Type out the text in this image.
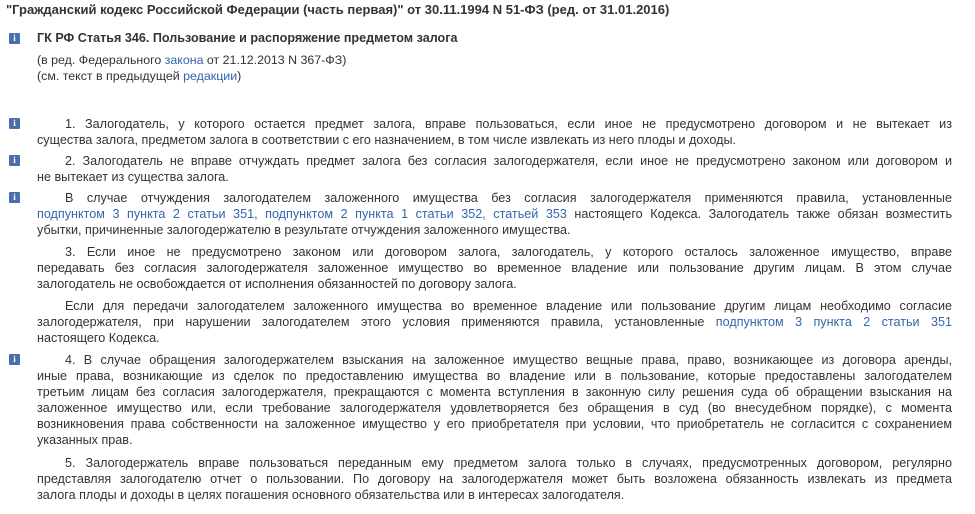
"Гражданский кодекс Российской Федерации (часть первая)" от 30.11.1994 N 51-ФЗ (ред. от 31.01.2016)
i	ГК РФ Статья 346. Пользование и распоряжение предметом залога
(в ред. Федерального закона от 21.12.2013 N 367-ФЗ)
(см. текст в предыдущей редакции)
i	1. Залогодатель, у которого остается предмет залога, вправе пользоваться, если иное не предусмотрено договором и не вытекает из
существа залога, предметом залога в соответствии с его назначением, в том числе извлекать из него плоды и доходы.
i	2. Залогодатель не вправе отчуждать предмет залога без согласия залогодержателя, если иное не предусмотрено законом или договором и
не вытекает из существа залога.
i	В случае отчуждения залогодателем заложенного имущества без согласия залогодержателя применяются правила, установленные
подпунктом 3 пункта 2 статьи 351, подпунктом 2 пункта 1 статьи 352, статьей 353 настоящего Кодекса. Залогодатель также обязан возместить
убытки, причиненные залогодержателю в результате отчуждения заложенного имущества.
3. Если иное не предусмотрено законом или договором залога, залогодатель, у которого осталось заложенное имущество, вправе
передавать без согласия залогодержателя заложенное имущество во временное владение или пользование другим лицам. В этом случае
залогодатель не освобождается от исполнения обязанностей по договору залога.
Если для передачи залогодателем заложенного имущества во временное владение или пользование другим лицам необходимо согласие
залогодержателя, при нарушении залогодателем этого условия применяются правила, установленные подпунктом 3 пункта 2 статьи 351
настоящего Кодекса.
i	4. В случае обращения залогодержателем взыскания на заложенное имущество вещные права, право, возникающее из договора аренды,
иные права, возникающие из сделок по предоставлению имущества во владение или в пользование, которые предоставлены залогодателем
третьим лицам без согласия залогодержателя, прекращаются с момента вступления в законную силу решения суда об обращении взыскания на
заложенное имущество или, если требование залогодержателя удовлетворяется без обращения в суд (во внесудебном порядке), с момента
возникновения права собственности на заложенное имущество у его приобретателя при условии, что приобретатель не согласится с сохранением
указанных прав.
5. Залогодержатель вправе пользоваться переданным ему предметом залога только в случаях, предусмотренных договором, регулярно
представляя залогодателю отчет о пользовании. По договору на залогодержателя может быть возложена обязанность извлекать из предмета
залога плоды и доходы в целях погашения основного обязательства или в интересах залогодателя.
